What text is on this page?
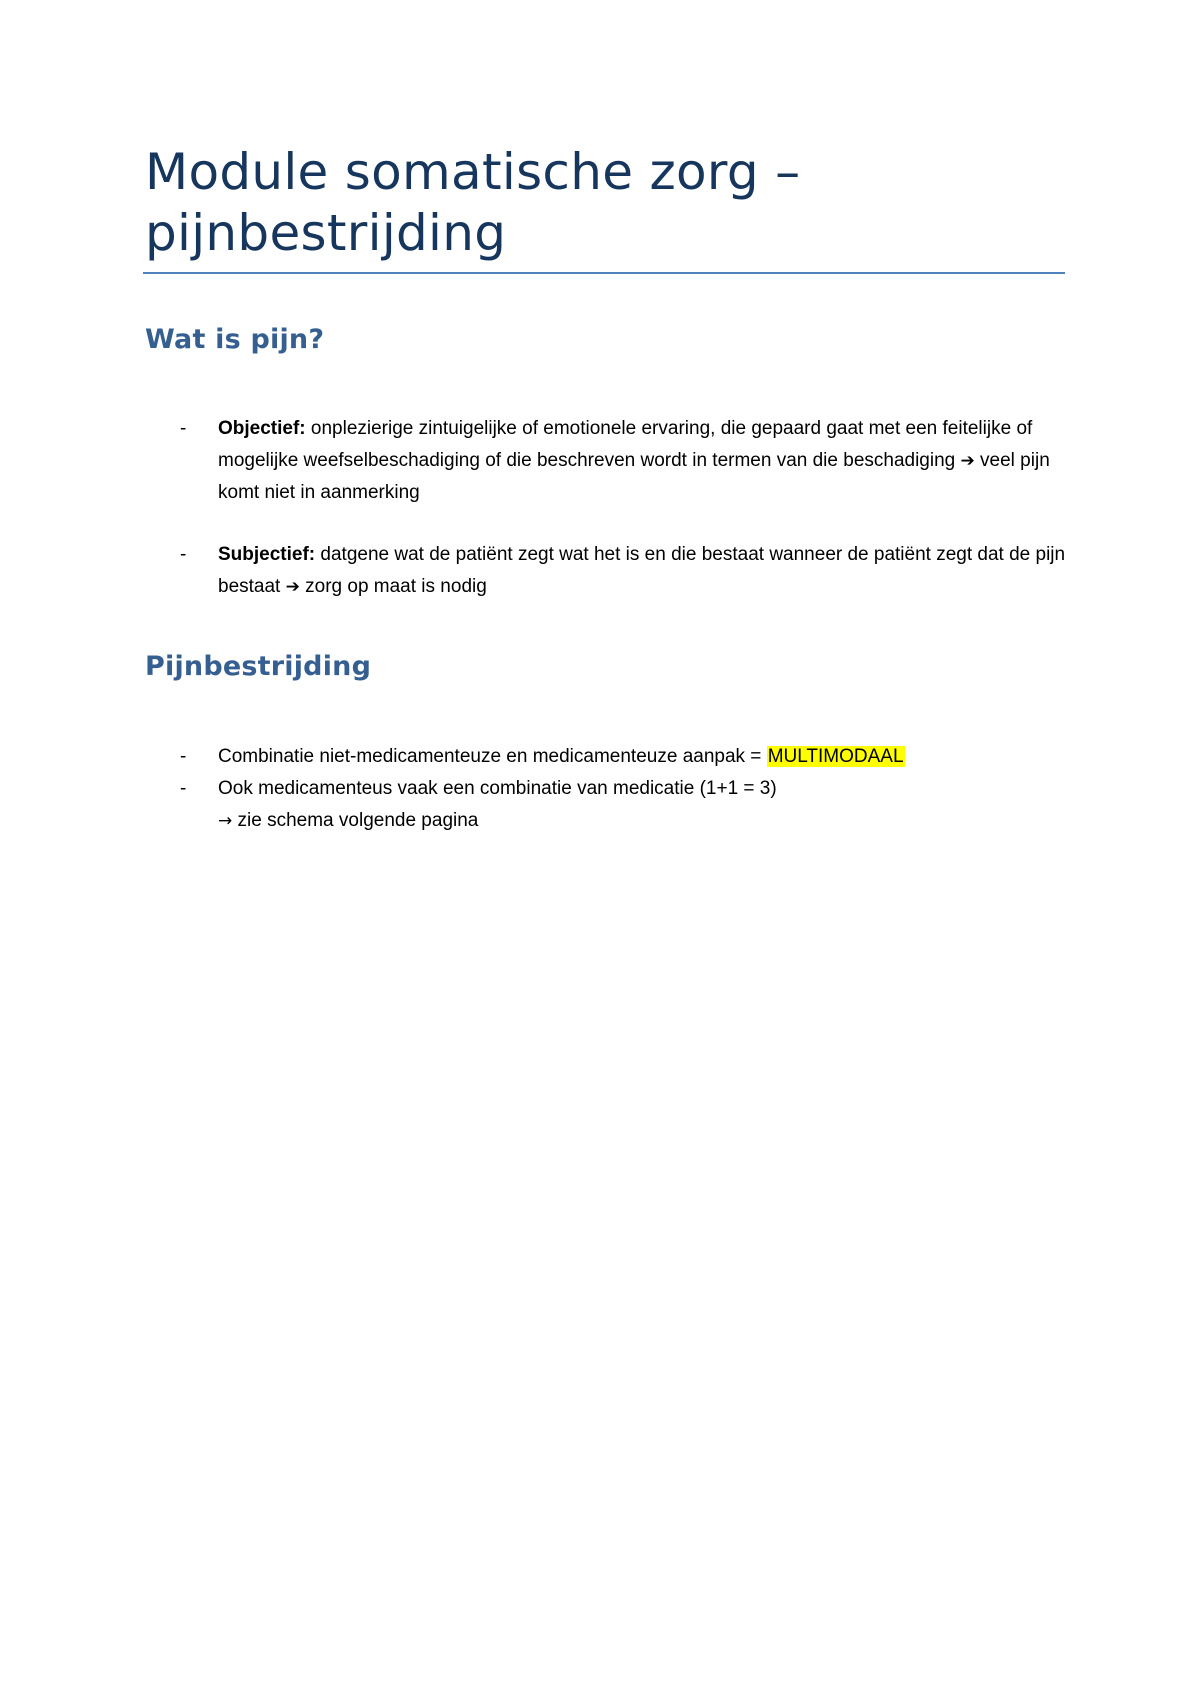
Module somatische zorg – pijnbestrijding
Wat is pijn?
- Objectief: onplezierige zintuigelijke of emotionele ervaring, die gepaard gaat met een feitelijke of mogelijke weefselbeschadiging of die beschreven wordt in termen van die beschadiging ➔ veel pijn komt niet in aanmerking
- Subjectief: datgene wat de patiënt zegt wat het is en die bestaat wanneer de patiënt zegt dat de pijn bestaat ➔ zorg op maat is nodig
Pijnbestrijding
- Combinatie niet-medicamenteuze en medicamenteuze aanpak = MULTIMODAAL
- Ook medicamenteus vaak een combinatie van medicatie (1+1 = 3)
→ zie schema volgende pagina
